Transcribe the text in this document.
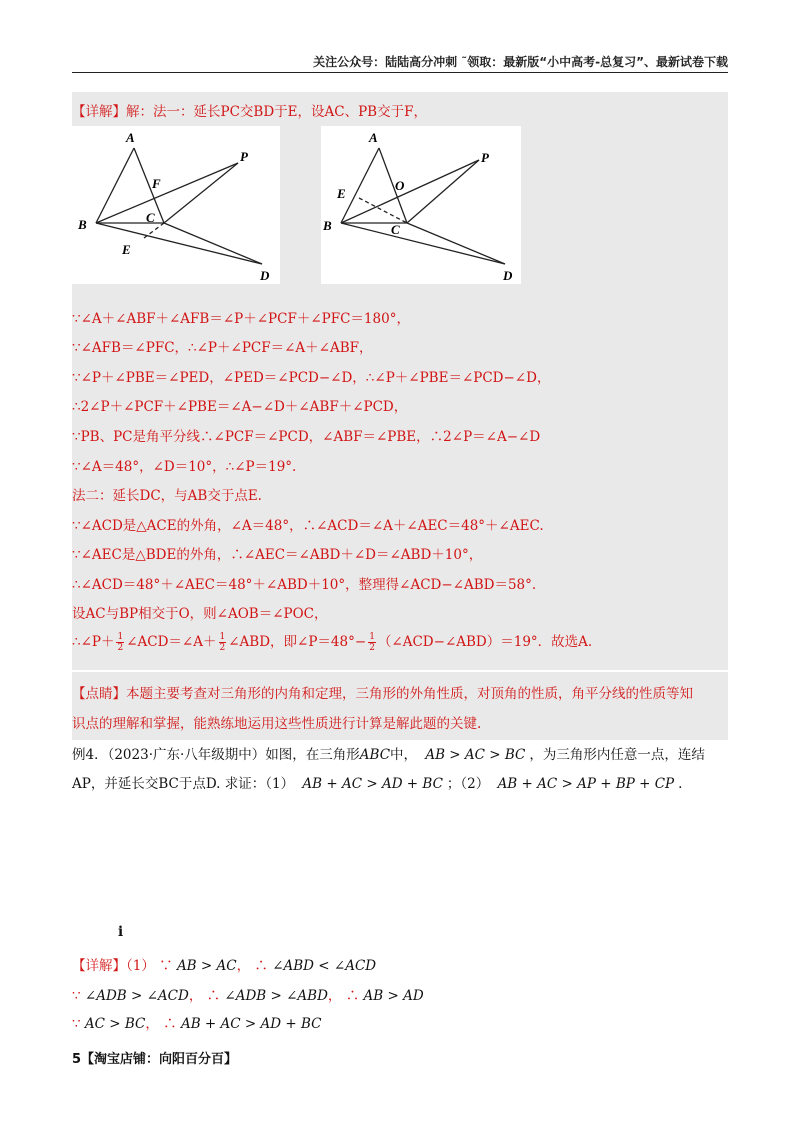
关注公众号：陆陆高分冲刺 ˜领取：最新版“小中高考-总复习”、最新试卷下载
【详解】解：法一：延长PC交BD于E，设AC、PB交于F，
A
P
F
C
B
E
D
A
P
E
O
C
B
D
∵∠A＋∠ABF＋∠AFB＝∠P＋∠PCF＋∠PFC＝180°，
∵∠AFB＝∠PFC，∴∠P＋∠PCF＝∠A＋∠ABF，
∵∠P＋∠PBE＝∠PED，∠PED＝∠PCD−∠D，∴∠P＋∠PBE＝∠PCD−∠D，
∴2∠P＋∠PCF＋∠PBE＝∠A−∠D＋∠ABF＋∠PCD，
∵PB、PC是角平分线∴∠PCF＝∠PCD，∠ABF＝∠PBE，∴2∠P＝∠A−∠D
∵∠A＝48°，∠D＝10°，∴∠P＝19°.
法二：延长DC，与AB交于点E.
∵∠ACD是△ACE的外角，∠A＝48°，∴∠ACD＝∠A＋∠AEC＝48°＋∠AEC.
∵∠AEC是△BDE的外角，∴∠AEC＝∠ABD＋∠D＝∠ABD＋10°，
∴∠ACD＝48°＋∠AEC＝48°＋∠ABD＋10°，整理得∠ACD−∠ABD＝58°.
设AC与BP相交于O，则∠AOB＝∠POC，
∴∠P＋ $\frac{1}{2}$ ∠ACD＝∠A＋ $\frac{1}{2}$ ∠ABD，即∠P＝48°− $\frac{1}{2}$ （∠ACD−∠ABD）＝19°．故选A.
【点睛】本题主要考查对三角形的内角和定理，三角形的外角性质，对顶角的性质，角平分线的性质等知
识点的理解和掌握，能熟练地运用这些性质进行计算是解此题的关键.
例4．（2023·广东·八年级期中）如图，在三角形ABC中， AB > AC > BC ，为三角形内任意一点，连结
AP，并延长交BC于点D. 求证：（1） AB + AC > AD + BC ；（2） AB + AC > AP + BP + CP .
i
【详解】（1） ∵ AB > AC， ∴ ∠ABD < ∠ACD
∵ ∠ADB > ∠ACD， ∴ ∠ADB > ∠ABD， ∴ AB > AD
∵ AC > BC， ∴ AB + AC > AD + BC
5【淘宝店铺：向阳百分百】
